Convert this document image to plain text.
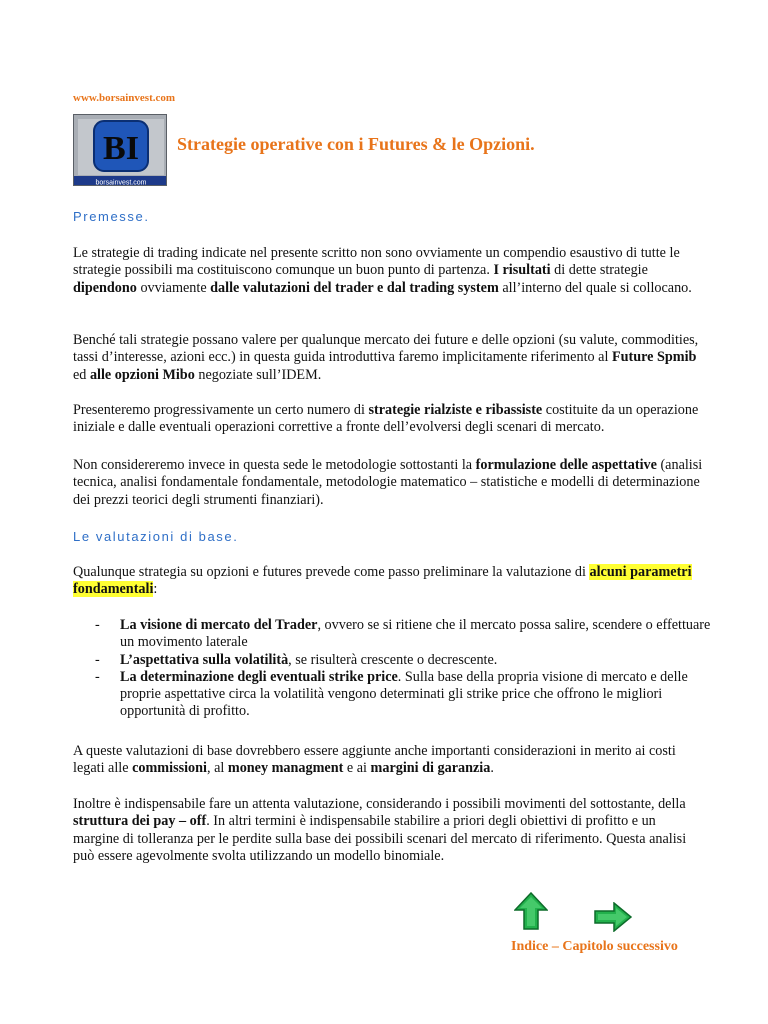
www.borsainvest.com
BI
borsainvest.com
Strategie operative con i Futures & le Opzioni.
Premesse.

Le strategie di trading indicate nel presente scritto non sono ovviamente un compendio esaustivo di tutte le strategie possibili ma costituiscono comunque un buon punto di partenza. I risultati di dette strategie dipendono ovviamente dalle valutazioni del trader e dal trading system all’interno del quale si collocano.

Benché tali strategie possano valere per qualunque mercato dei future e delle opzioni (su valute, commodities, tassi d’interesse, azioni ecc.) in questa guida introduttiva faremo implicitamente riferimento al Future Spmib ed alle opzioni Mibo negoziate sull’IDEM.

Presenteremo progressivamente un certo numero di strategie rialziste e ribassiste costituite da un operazione iniziale e dalle eventuali operazioni correttive a fronte dell’evolversi degli scenari di mercato.

Non considereremo invece in questa sede le metodologie sottostanti la formulazione delle aspettative (analisi tecnica, analisi fondamentale fondamentale, metodologie matematico – statistiche e modelli di determinazione dei prezzi teorici degli strumenti finanziari).

Le valutazioni di base.

Qualunque strategia su opzioni e futures prevede come passo preliminare la valutazione di alcuni parametri fondamentali:

- La visione di mercato del Trader, ovvero se si ritiene che il mercato possa salire, scendere o effettuare un movimento laterale
- L’aspettativa sulla volatilità, se risulterà crescente o decrescente.
- La determinazione degli eventuali strike price. Sulla base della propria visione di mercato e delle proprie aspettative circa la volatilità vengono determinati gli strike price che offrono le migliori opportunità di profitto.

A queste valutazioni di base dovrebbero essere aggiunte anche importanti considerazioni in merito ai costi legati alle commissioni, al money managment e ai margini di garanzia.

Inoltre è indispensabile fare un attenta valutazione, considerando i possibili movimenti del sottostante, della struttura dei pay – off. In altri termini è indispensabile stabilire a priori degli obiettivi di profitto e un margine di tolleranza per le perdite sulla base dei possibili scenari del mercato di riferimento. Questa analisi può essere agevolmente svolta utilizzando un modello binomiale.

Indice – Capitolo successivo
